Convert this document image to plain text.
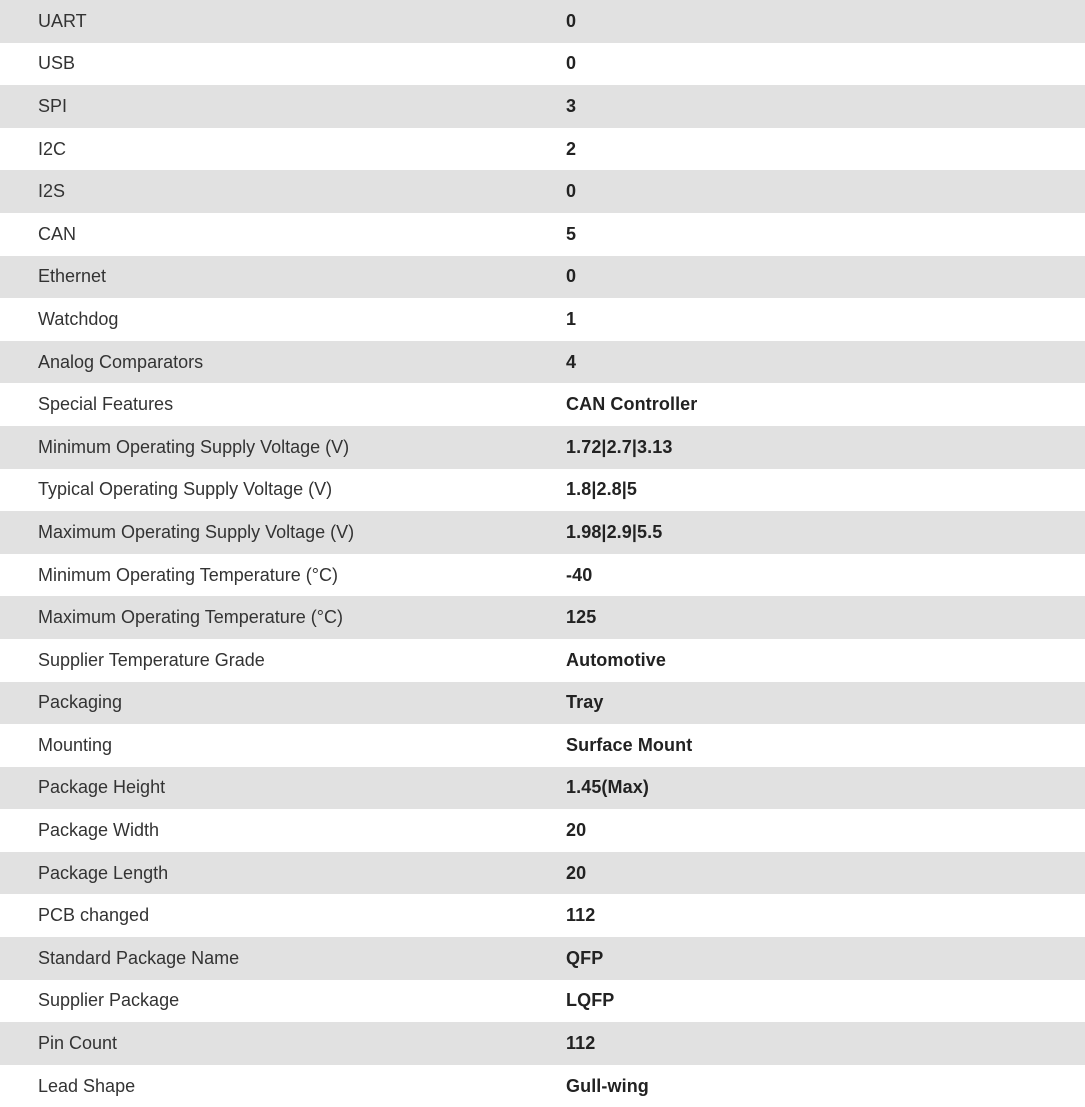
UART	0
USB	0
SPI	3
I2C	2
I2S	0
CAN	5
Ethernet	0
Watchdog	1
Analog Comparators	4
Special Features	CAN Controller
Minimum Operating Supply Voltage (V)	1.72|2.7|3.13
Typical Operating Supply Voltage (V)	1.8|2.8|5
Maximum Operating Supply Voltage (V)	1.98|2.9|5.5
Minimum Operating Temperature (°C)	-40
Maximum Operating Temperature (°C)	125
Supplier Temperature Grade	Automotive
Packaging	Tray
Mounting	Surface Mount
Package Height	1.45(Max)
Package Width	20
Package Length	20
PCB changed	112
Standard Package Name	QFP
Supplier Package	LQFP
Pin Count	112
Lead Shape	Gull-wing
